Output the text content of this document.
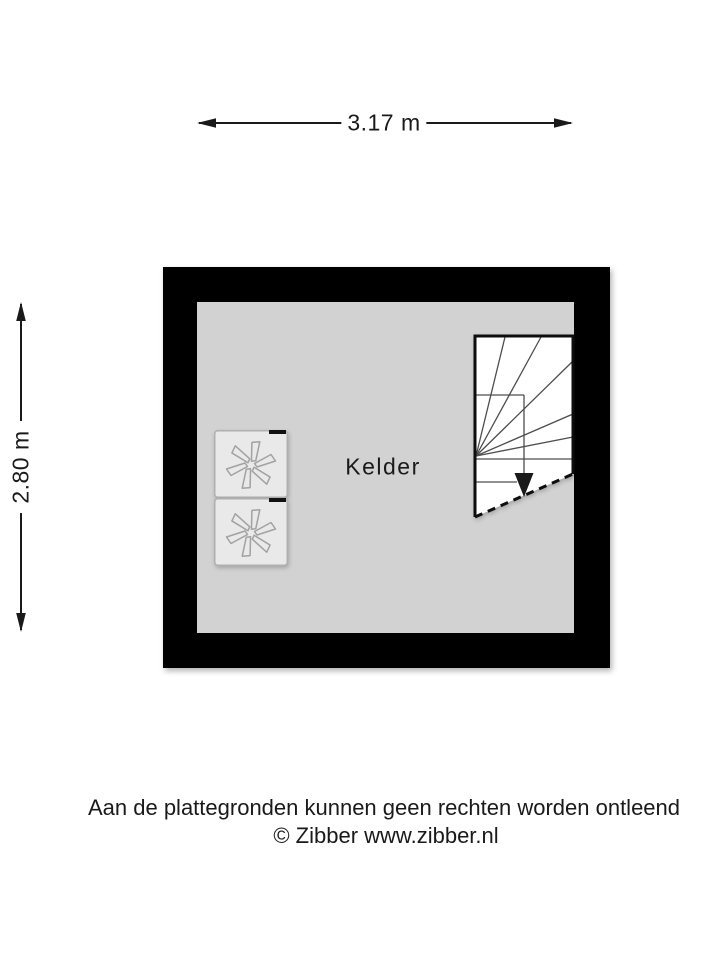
3.17 m
2.80 m	Kelder
Aan de plattegronden kunnen geen rechten worden ontleend
© Zibber www.zibber.nl
